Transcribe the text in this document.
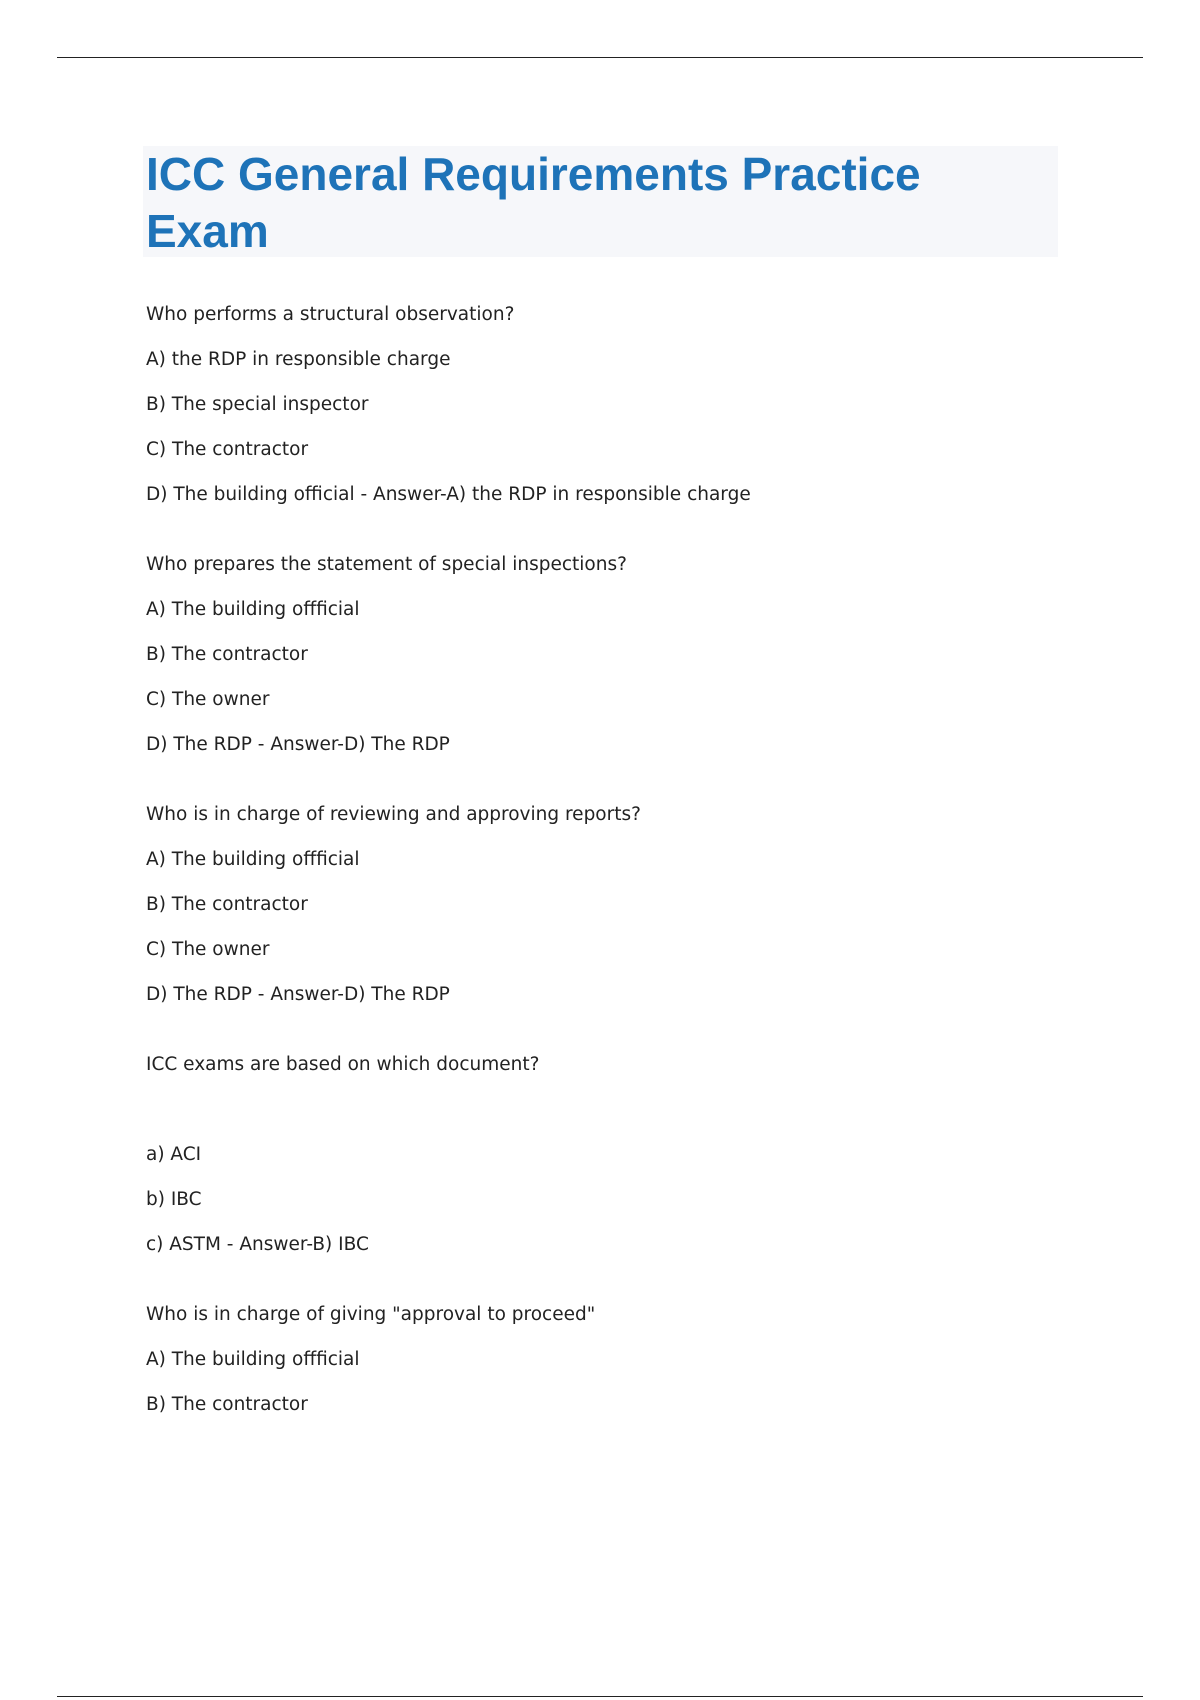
ICC General Requirements Practice Exam

Who performs a structural observation?

A) the RDP in responsible charge

B) The special inspector

C) The contractor

D) The building official - Answer-A) the RDP in responsible charge

Who prepares the statement of special inspections?

A) The building offficial

B) The contractor

C) The owner

D) The RDP - Answer-D) The RDP

Who is in charge of reviewing and approving reports?

A) The building offficial

B) The contractor

C) The owner

D) The RDP - Answer-D) The RDP

ICC exams are based on which document?

a) ACI

b) IBC

c) ASTM - Answer-B) IBC

Who is in charge of giving "approval to proceed"

A) The building offficial

B) The contractor
